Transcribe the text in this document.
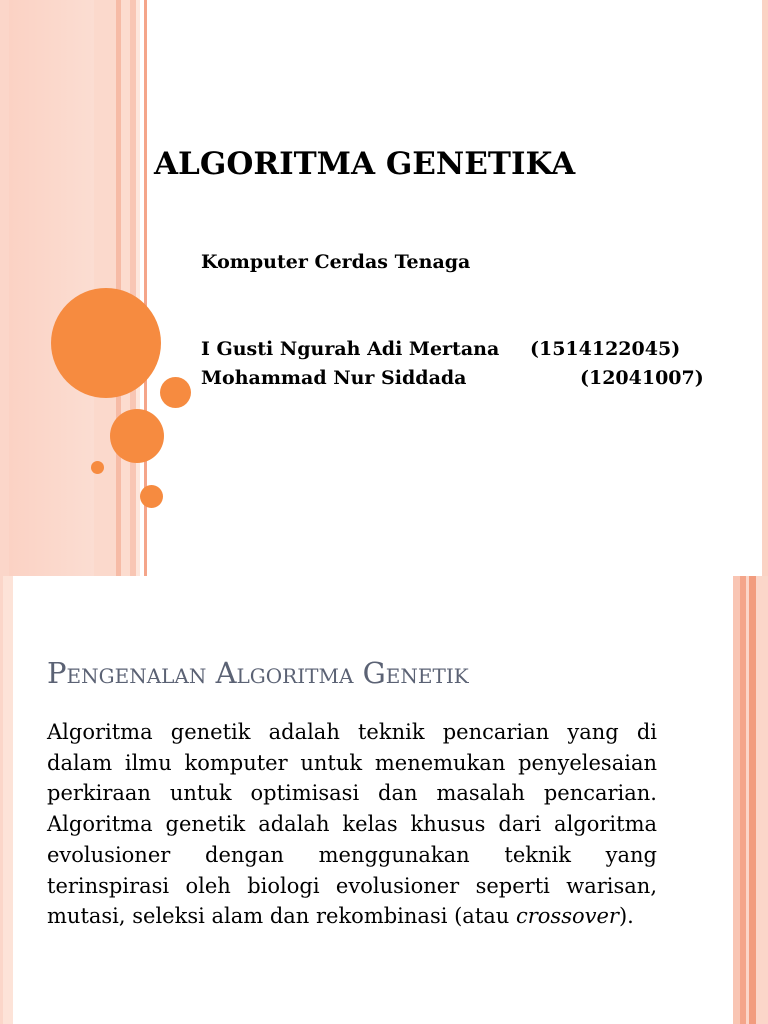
ALGORITMA GENETIKA
Komputer Cerdas Tenaga
I Gusti Ngurah Adi Mertana (1514122045)
Mohammad Nur Siddada	(12041007)
Pengenalan Algoritma Genetik

Algoritma genetik adalah teknik pencarian yang di dalam ilmu komputer untuk menemukan penyelesaian perkiraan untuk optimisasi dan masalah pencarian. Algoritma genetik adalah kelas khusus dari algoritma evolusioner dengan menggunakan teknik yang terinspirasi oleh biologi evolusioner seperti warisan, mutasi, seleksi alam dan rekombinasi (atau crossover).
